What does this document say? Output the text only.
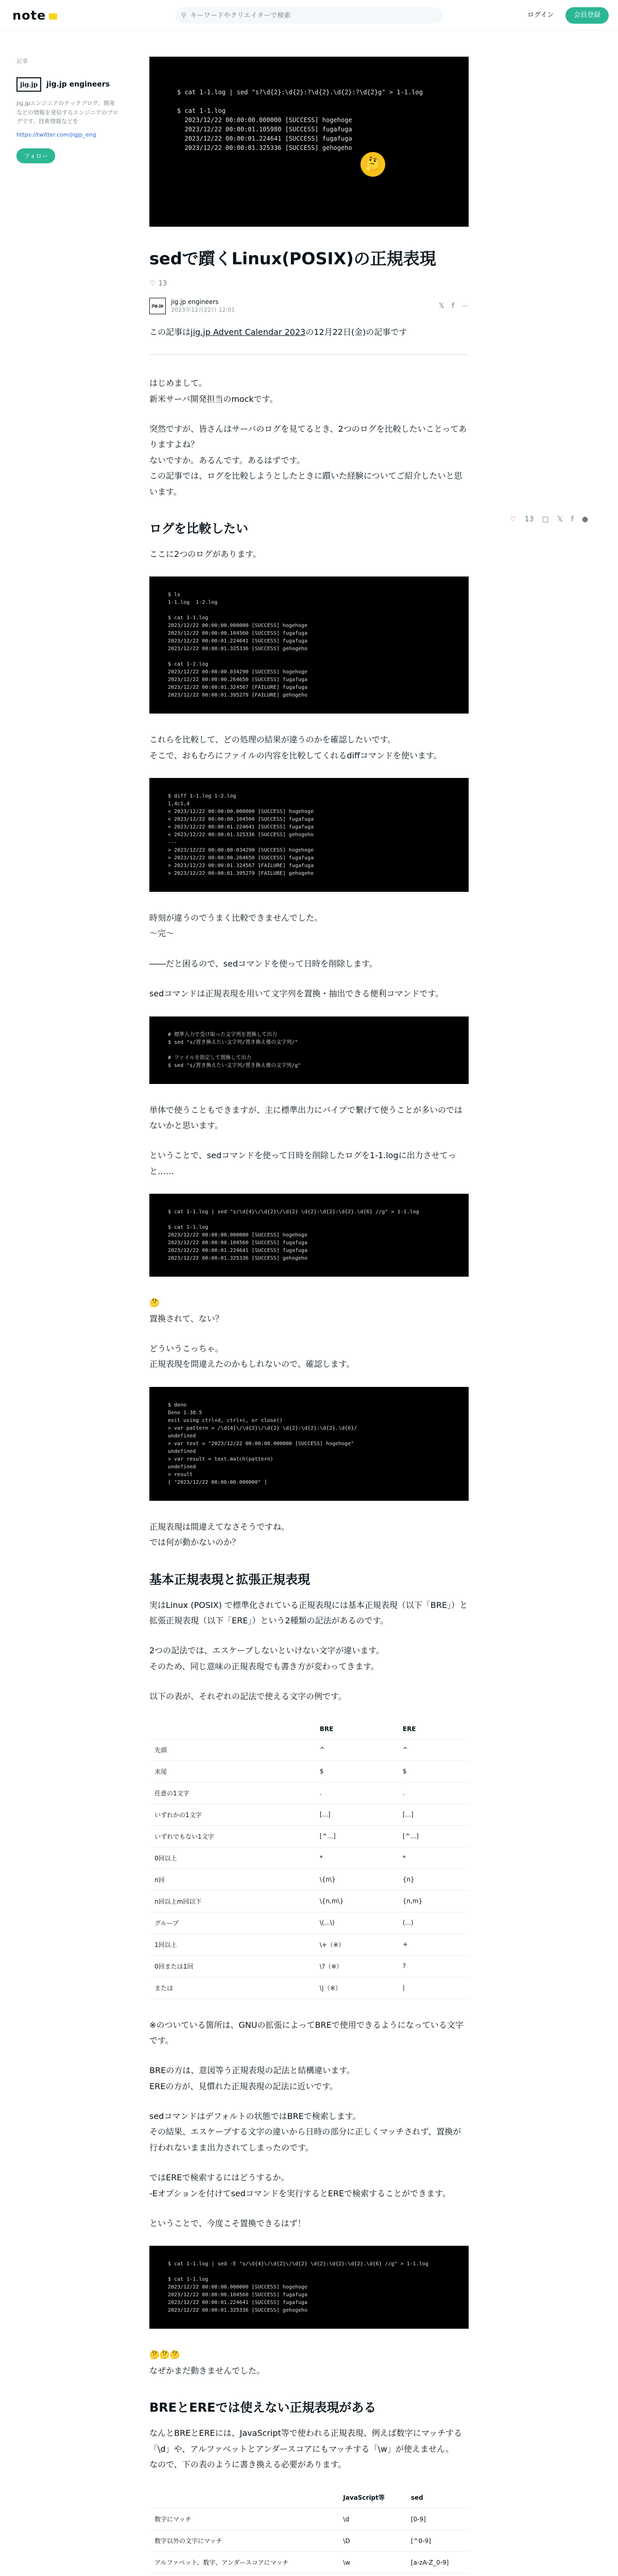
note	⚲
キーワードやクリエイターで検索	ログイン	会員登録
記事
jig.jp	jig.jp engineers
jig.jpエンジニアのテックブログ、開発などの情報を発信するエンジニアのブログです。技術情報などを
https://twitter.com/jigjp_eng
フォロー
$ cat 1-1.log | sed "s?\d{2}:\d{2}:?\d{2}.\d{2}:?\d{2}g" > 1-1.log

$ cat 1-1.log
2023/12/22 00:00:00.000000 [SUCCESS] hogehoge
2023/12/22 00:00:01.105980 [SUCCESS] fugafuga
2023/12/22 00:00:01.224641 [SUCCESS] fugafuga
2023/12/22 00:00:01.325336 [SUCCESS] gehogeho
🤔
sedで躓くLinux(POSIX)の正規表現
♡ 13
jig.jp
jig.jp engineers
2023年12月22日 12:01	𝕏 f ⋯

この記事はjig.jp Advent Calendar 2023の12月22日(金)の記事です

はじめまして。
新米サーバ開発担当のmockです。

突然ですが、皆さんはサーバのログを見てるとき、2つのログを比較したいことってありますよね？
ないですか。あるんです。あるはずです。
この記事では、ログを比較しようとしたときに躓いた経験についてご紹介したいと思います。

ログを比較したい

ここに2つのログがあります。

$ ls
1-1.log  1-2.log

$ cat 1-1.log
2023/12/22 00:00:00.000000 [SUCCESS] hogehoge
2023/12/22 00:00:00.104560 [SUCCESS] fugafuga
2023/12/22 00:00:01.224641 [SUCCESS] fugafuga
2023/12/22 00:00:01.325336 [SUCCESS] gehogeho

$ cat 1-2.log
2023/12/22 00:00:00.034290 [SUCCESS] hogehoge
2023/12/22 00:00:00.264650 [SUCCESS] fugafuga
2023/12/22 00:00:01.324567 [FAILURE] fugafuga
2023/12/22 00:00:01.395279 [FAILURE] gehogeho

これらを比較して、どの処理の結果が違うのかを確認したいです。
そこで、おもむろにファイルの内容を比較してくれるdiffコマンドを使います。

$ diff 1-1.log 1-2.log
1,4c1,4
< 2023/12/22 00:00:00.000000 [SUCCESS] hogehoge
< 2023/12/22 00:00:00.104560 [SUCCESS] fugafuga
< 2023/12/22 00:00:01.224641 [SUCCESS] fugafuga
< 2023/12/22 00:00:01.325336 [SUCCESS] gehogeho
---
> 2023/12/22 00:00:00.034290 [SUCCESS] hogehoge
> 2023/12/22 00:00:00.264650 [SUCCESS] fugafuga
> 2023/12/22 00:00:01.324567 [FAILURE] fugafuga
> 2023/12/22 00:00:01.395279 [FAILURE] gehogeho

時刻が違うのでうまく比較できませんでした。
〜完〜

――だと困るので、sedコマンドを使って日時を削除します。

sedコマンドは正規表現を用いて文字列を置換・抽出できる便利コマンドです。

# 標準入力で受け取った文字列を置換して出力
$ sed "s/置き換えたい文字列/置き換え後の文字列/"

# ファイルを指定して置換して出力
$ sed "s/置き換えたい文字列/置き換え後の文字列/g"

単体で使うこともできますが、主に標準出力にパイプで繋げて使うことが多いのではないかと思います。

ということで、sedコマンドを使って日時を削除したログを1-1.logに出力させてっと……

$ cat 1-1.log | sed "s/\d{4}\/\d{2}\/\d{2} \d{2}:\d{2}:\d{2}.\d{6} //g" > 1-1.log

$ cat 1-1.log
2023/12/22 00:00:00.000000 [SUCCESS] hogehoge
2023/12/22 00:00:00.104560 [SUCCESS] fugafuga
2023/12/22 00:00:01.224641 [SUCCESS] fugafuga
2023/12/22 00:00:01.325336 [SUCCESS] gehogeho

🤔
置換されて、ない？

どういうこっちゃ。
正規表現を間違えたのかもしれないので、確認します。

$ deno
Deno 1.38.5
exit using ctrl+d, ctrl+c, or close()
> var pattern = /\d{4}\/\d{2}\/\d{2} \d{2}:\d{2}:\d{2}.\d{6}/
undefined
> var text = "2023/12/22 00:00:00.000000 [SUCCESS] hogehoge"
undefined
> var result = text.match(pattern)
undefined
> result
[ "2023/12/22 00:00:00.000000" ]

正規表現は間違えてなさそうですね。
では何が動かないのか？

基本正規表現と拡張正規表現

実はLinux (POSIX) で標準化されている正規表現には基本正規表現（以下「BRE」）と拡張正規表現（以下「ERE」）という2種類の記法があるのです。

2つの記法では、エスケープしないといけない文字が違います。
そのため、同じ意味の正規表現でも書き方が変わってきます。

以下の表が、それぞれの記法で使える文字の例です。

	BRE	ERE
先頭	^	^
末尾	$	$
任意の1文字	.	.
いずれかの1文字	[...]	[...]
いずれでもない1文字	[^...]	[^...]
0回以上	*	*
n回	\{n\}	{n}
n回以上m回以下	\{n,m\}	{n,m}
グループ	\(...\)	(...)
1回以上	\+（※）	+
0回または1回	\?（※）	?
または	\|（※）	|

※のついている箇所は、GNUの拡張によってBREで使用できるようになっている文字です。

BREの方は、意図等う正規表現の記法と結構違います。
EREの方が、見慣れた正規表現の記法に近いです。

sedコマンドはデフォルトの状態ではBREで検索します。
その結果、エスケープする文字の違いから日時の部分に正しくマッチされず、置換が行われないまま出力されてしまったのです。

ではEREで検索するにはどうするか。
-Eオプションを付けてsedコマンドを実行するとEREで検索することができます。

ということで、今度こそ置換できるはず！

$ cat 1-1.log | sed -E "s/\d{4}\/\d{2}\/\d{2} \d{2}:\d{2}:\d{2}.\d{6} //g" > 1-1.log

$ cat 1-1.log
2023/12/22 00:00:00.000000 [SUCCESS] hogehoge
2023/12/22 00:00:00.104560 [SUCCESS] fugafuga
2023/12/22 00:00:01.224641 [SUCCESS] fugafuga
2023/12/22 00:00:01.325336 [SUCCESS] gehogeho

🤔🤔🤔
なぜかまだ動きませんでした。

BREとEREでは使えない正規表現がある

なんとBREとEREには、JavaScript等で使われる正規表現、例えば数字にマッチする「\d」や、アルファベットとアンダースコアにもマッチする「\w」が使えません。
なので、下の表のように書き換える必要があります。

	JavaScript等	sed
数字にマッチ	\d	[0-9]
数字以外の文字にマッチ	\D	[^0-9]
アルファベット、数字、アンダースコアにマッチ	\w	[a-zA-Z_0-9]
♡ 13 □ 𝕏 f ●
